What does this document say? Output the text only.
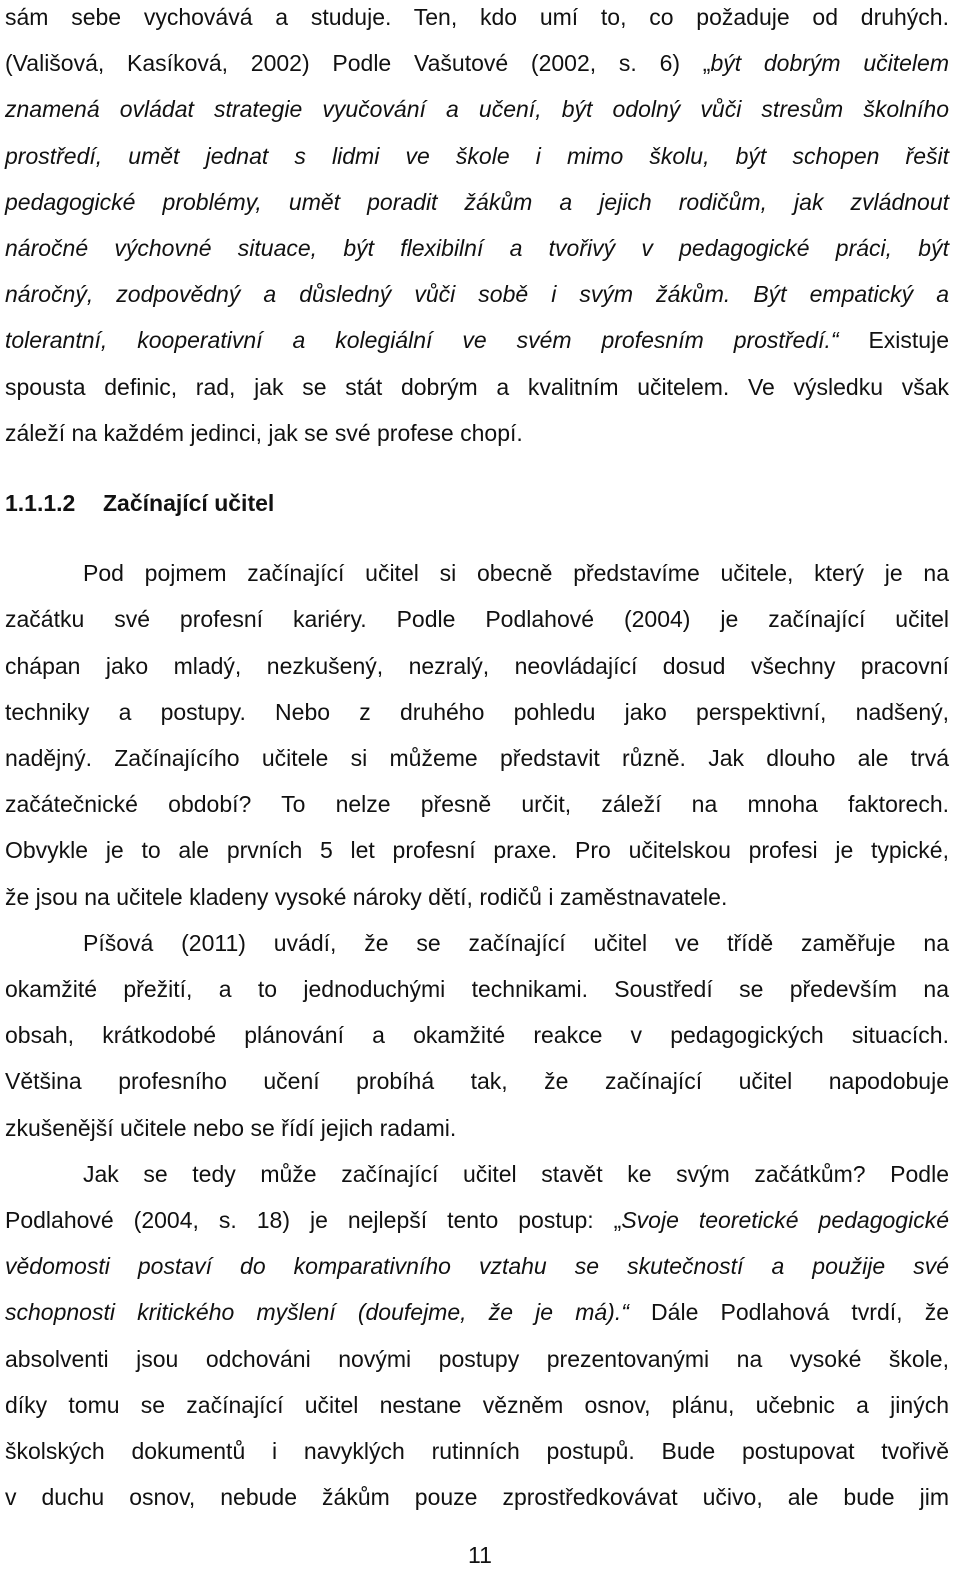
sám sebe vychovává a studuje. Ten, kdo umí to, co požaduje od druhých.
(Vališová, Kasíková, 2002) Podle Vašutové (2002, s. 6) „být dobrým učitelem
znamená ovládat strategie vyučování a učení, být odolný vůči stresům školního
prostředí, umět jednat s lidmi ve škole i mimo školu, být schopen řešit
pedagogické problémy, umět poradit žákům a jejich rodičům, jak zvládnout
náročné výchovné situace, být flexibilní a tvořivý v pedagogické práci, být
náročný, zodpovědný a důsledný vůči sobě i svým žákům. Být empatický a
tolerantní, kooperativní a kolegiální ve svém profesním prostředí.“ Existuje
spousta definic, rad, jak se stát dobrým a kvalitním učitelem. Ve výsledku však
záleží na každém jedinci, jak se své profese chopí.
1.1.1.2 Začínající učitel
Pod pojmem začínající učitel si obecně představíme učitele, který je na
začátku své profesní kariéry. Podle Podlahové (2004) je začínající učitel
chápan jako mladý, nezkušený, nezralý, neovládající dosud všechny pracovní
techniky a postupy. Nebo z druhého pohledu jako perspektivní, nadšený,
nadějný. Začínajícího učitele si můžeme představit různě. Jak dlouho ale trvá
začátečnické období? To nelze přesně určit, záleží na mnoha faktorech.
Obvykle je to ale prvních 5 let profesní praxe. Pro učitelskou profesi je typické,
že jsou na učitele kladeny vysoké nároky dětí, rodičů i zaměstnavatele.
Píšová (2011) uvádí, že se začínající učitel ve třídě zaměřuje na
okamžité přežití, a to jednoduchými technikami. Soustředí se především na
obsah, krátkodobé plánování a okamžité reakce v pedagogických situacích.
Většina profesního učení probíhá tak, že začínající učitel napodobuje
zkušenější učitele nebo se řídí jejich radami.
Jak se tedy může začínající učitel stavět ke svým začátkům? Podle
Podlahové (2004, s. 18) je nejlepší tento postup: „Svoje teoretické pedagogické
vědomosti postaví do komparativního vztahu se skutečností a použije své
schopnosti kritického myšlení (doufejme, že je má).“ Dále Podlahová tvrdí, že
absolventi jsou odchováni novými postupy prezentovanými na vysoké škole,
díky tomu se začínající učitel nestane vězněm osnov, plánu, učebnic a jiných
školských dokumentů i navyklých rutinních postupů. Bude postupovat tvořivě
v duchu osnov, nebude žákům pouze zprostředkovávat učivo, ale bude jim
11
